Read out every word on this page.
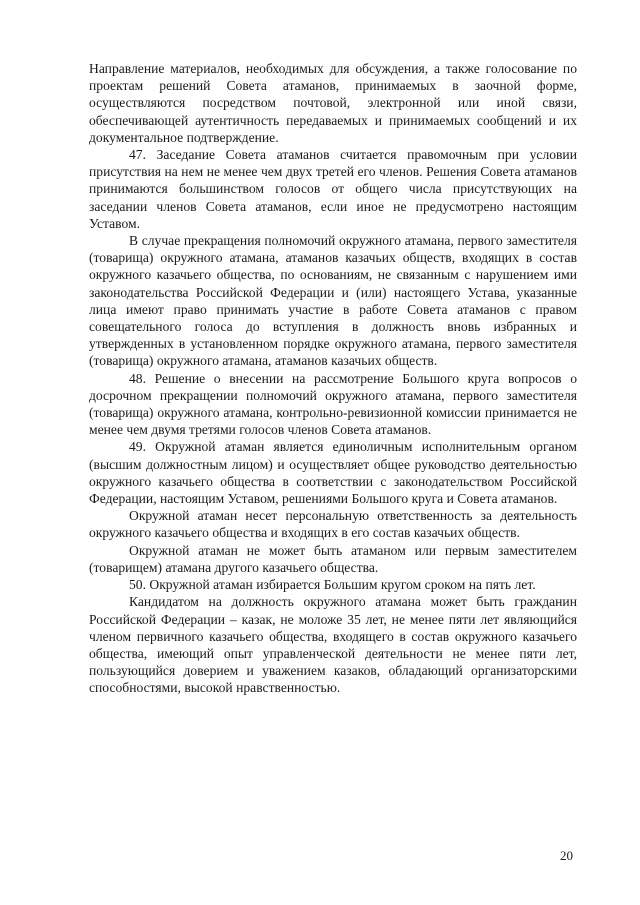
Направление материалов, необходимых для обсуждения, а также голосование по проектам решений Совета атаманов, принимаемых в заочной форме, осуществляются посредством почтовой, электронной или иной связи, обеспечивающей аутентичность передаваемых и принимаемых сообщений и их документальное подтверждение.

47. Заседание Совета атаманов считается правомочным при условии присутствия на нем не менее чем двух третей его членов. Решения Совета атаманов принимаются большинством голосов от общего числа присутствующих на заседании членов Совета атаманов, если иное не предусмотрено настоящим Уставом.

В случае прекращения полномочий окружного атамана, первого заместителя (товарища) окружного атамана, атаманов казачьих обществ, входящих в состав окружного казачьего общества, по основаниям, не связанным с нарушением ими законодательства Российской Федерации и (или) настоящего Устава, указанные лица имеют право принимать участие в работе Совета атаманов с правом совещательного голоса до вступления в должность вновь избранных и утвержденных в установленном порядке окружного атамана, первого заместителя (товарища) окружного атамана, атаманов казачьих обществ.

48. Решение о внесении на рассмотрение Большого круга вопросов о досрочном прекращении полномочий окружного атамана, первого заместителя (товарища) окружного атамана, контрольно-ревизионной комиссии принимается не менее чем двумя третями голосов членов Совета атаманов.

49. Окружной атаман является единоличным исполнительным органом (высшим должностным лицом) и осуществляет общее руководство деятельностью окружного казачьего общества в соответствии с законодательством Российской Федерации, настоящим Уставом, решениями Большого круга и Совета атаманов.

Окружной атаман несет персональную ответственность за деятельность окружного казачьего общества и входящих в его состав казачьих обществ.

Окружной атаман не может быть атаманом или первым заместителем (товарищем) атамана другого казачьего общества.

50. Окружной атаман избирается Большим кругом сроком на пять лет.

Кандидатом на должность окружного атамана может быть гражданин Российской Федерации – казак, не моложе 35 лет, не менее пяти лет являющийся членом первичного казачьего общества, входящего в состав окружного казачьего общества, имеющий опыт управленческой деятельности не менее пяти лет, пользующийся доверием и уважением казаков, обладающий организаторскими способностями, высокой нравственностью.

20
